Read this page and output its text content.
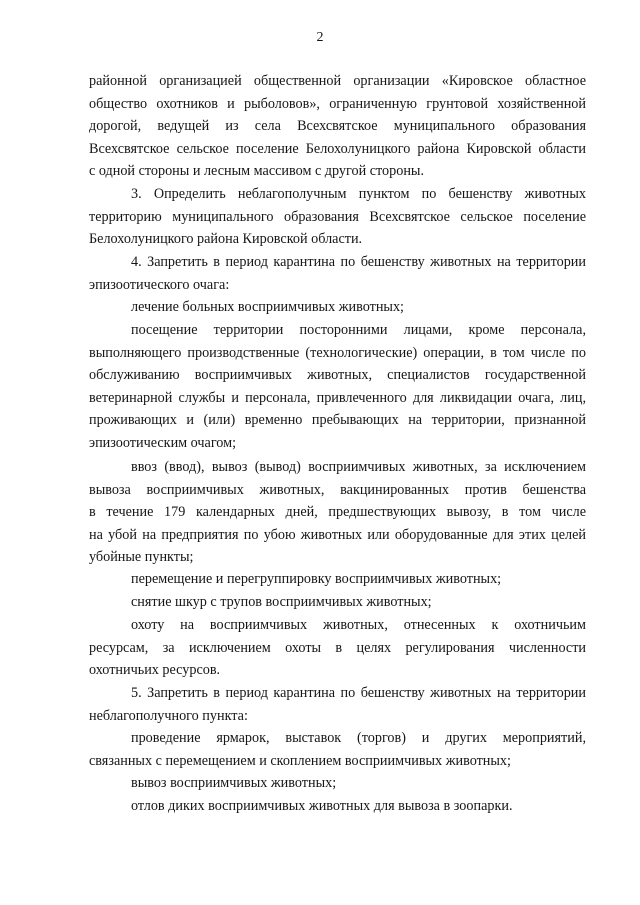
2
районной организацией общественной организации «Кировское областное
общество охотников и рыболовов», ограниченную грунтовой хозяйственной
дорогой, ведущей из села Всехсвятское муниципального образования
Всехсвятское сельское поселение Белохолуницкого района Кировской области
с одной стороны и лесным массивом с другой стороны.
3. Определить неблагополучным пунктом по бешенству животных
территорию муниципального образования Всехсвятское сельское поселение
Белохолуницкого района Кировской области.
4. Запретить в период карантина по бешенству животных на территории
эпизоотического очага:
лечение больных восприимчивых животных;
посещение территории посторонними лицами, кроме персонала,
выполняющего производственные (технологические) операции, в том числе по
обслуживанию восприимчивых животных, специалистов государственной
ветеринарной службы и персонала, привлеченного для ликвидации очага, лиц,
проживающих и (или) временно пребывающих на территории, признанной
эпизоотическим очагом;
ввоз (ввод), вывоз (вывод) восприимчивых животных, за исключением
вывоза восприимчивых животных, вакцинированных против бешенства
в течение 179 календарных дней, предшествующих вывозу, в том числе
на убой на предприятия по убою животных или оборудованные для этих целей
убойные пункты;
перемещение и перегруппировку восприимчивых животных;
снятие шкур с трупов восприимчивых животных;
охоту на восприимчивых животных, отнесенных к охотничьим
ресурсам, за исключением охоты в целях регулирования численности
охотничьих ресурсов.
5. Запретить в период карантина по бешенству животных на территории
неблагополучного пункта:
проведение ярмарок, выставок (торгов) и других мероприятий,
связанных с перемещением и скоплением восприимчивых животных;
вывоз восприимчивых животных;
отлов диких восприимчивых животных для вывоза в зоопарки.
